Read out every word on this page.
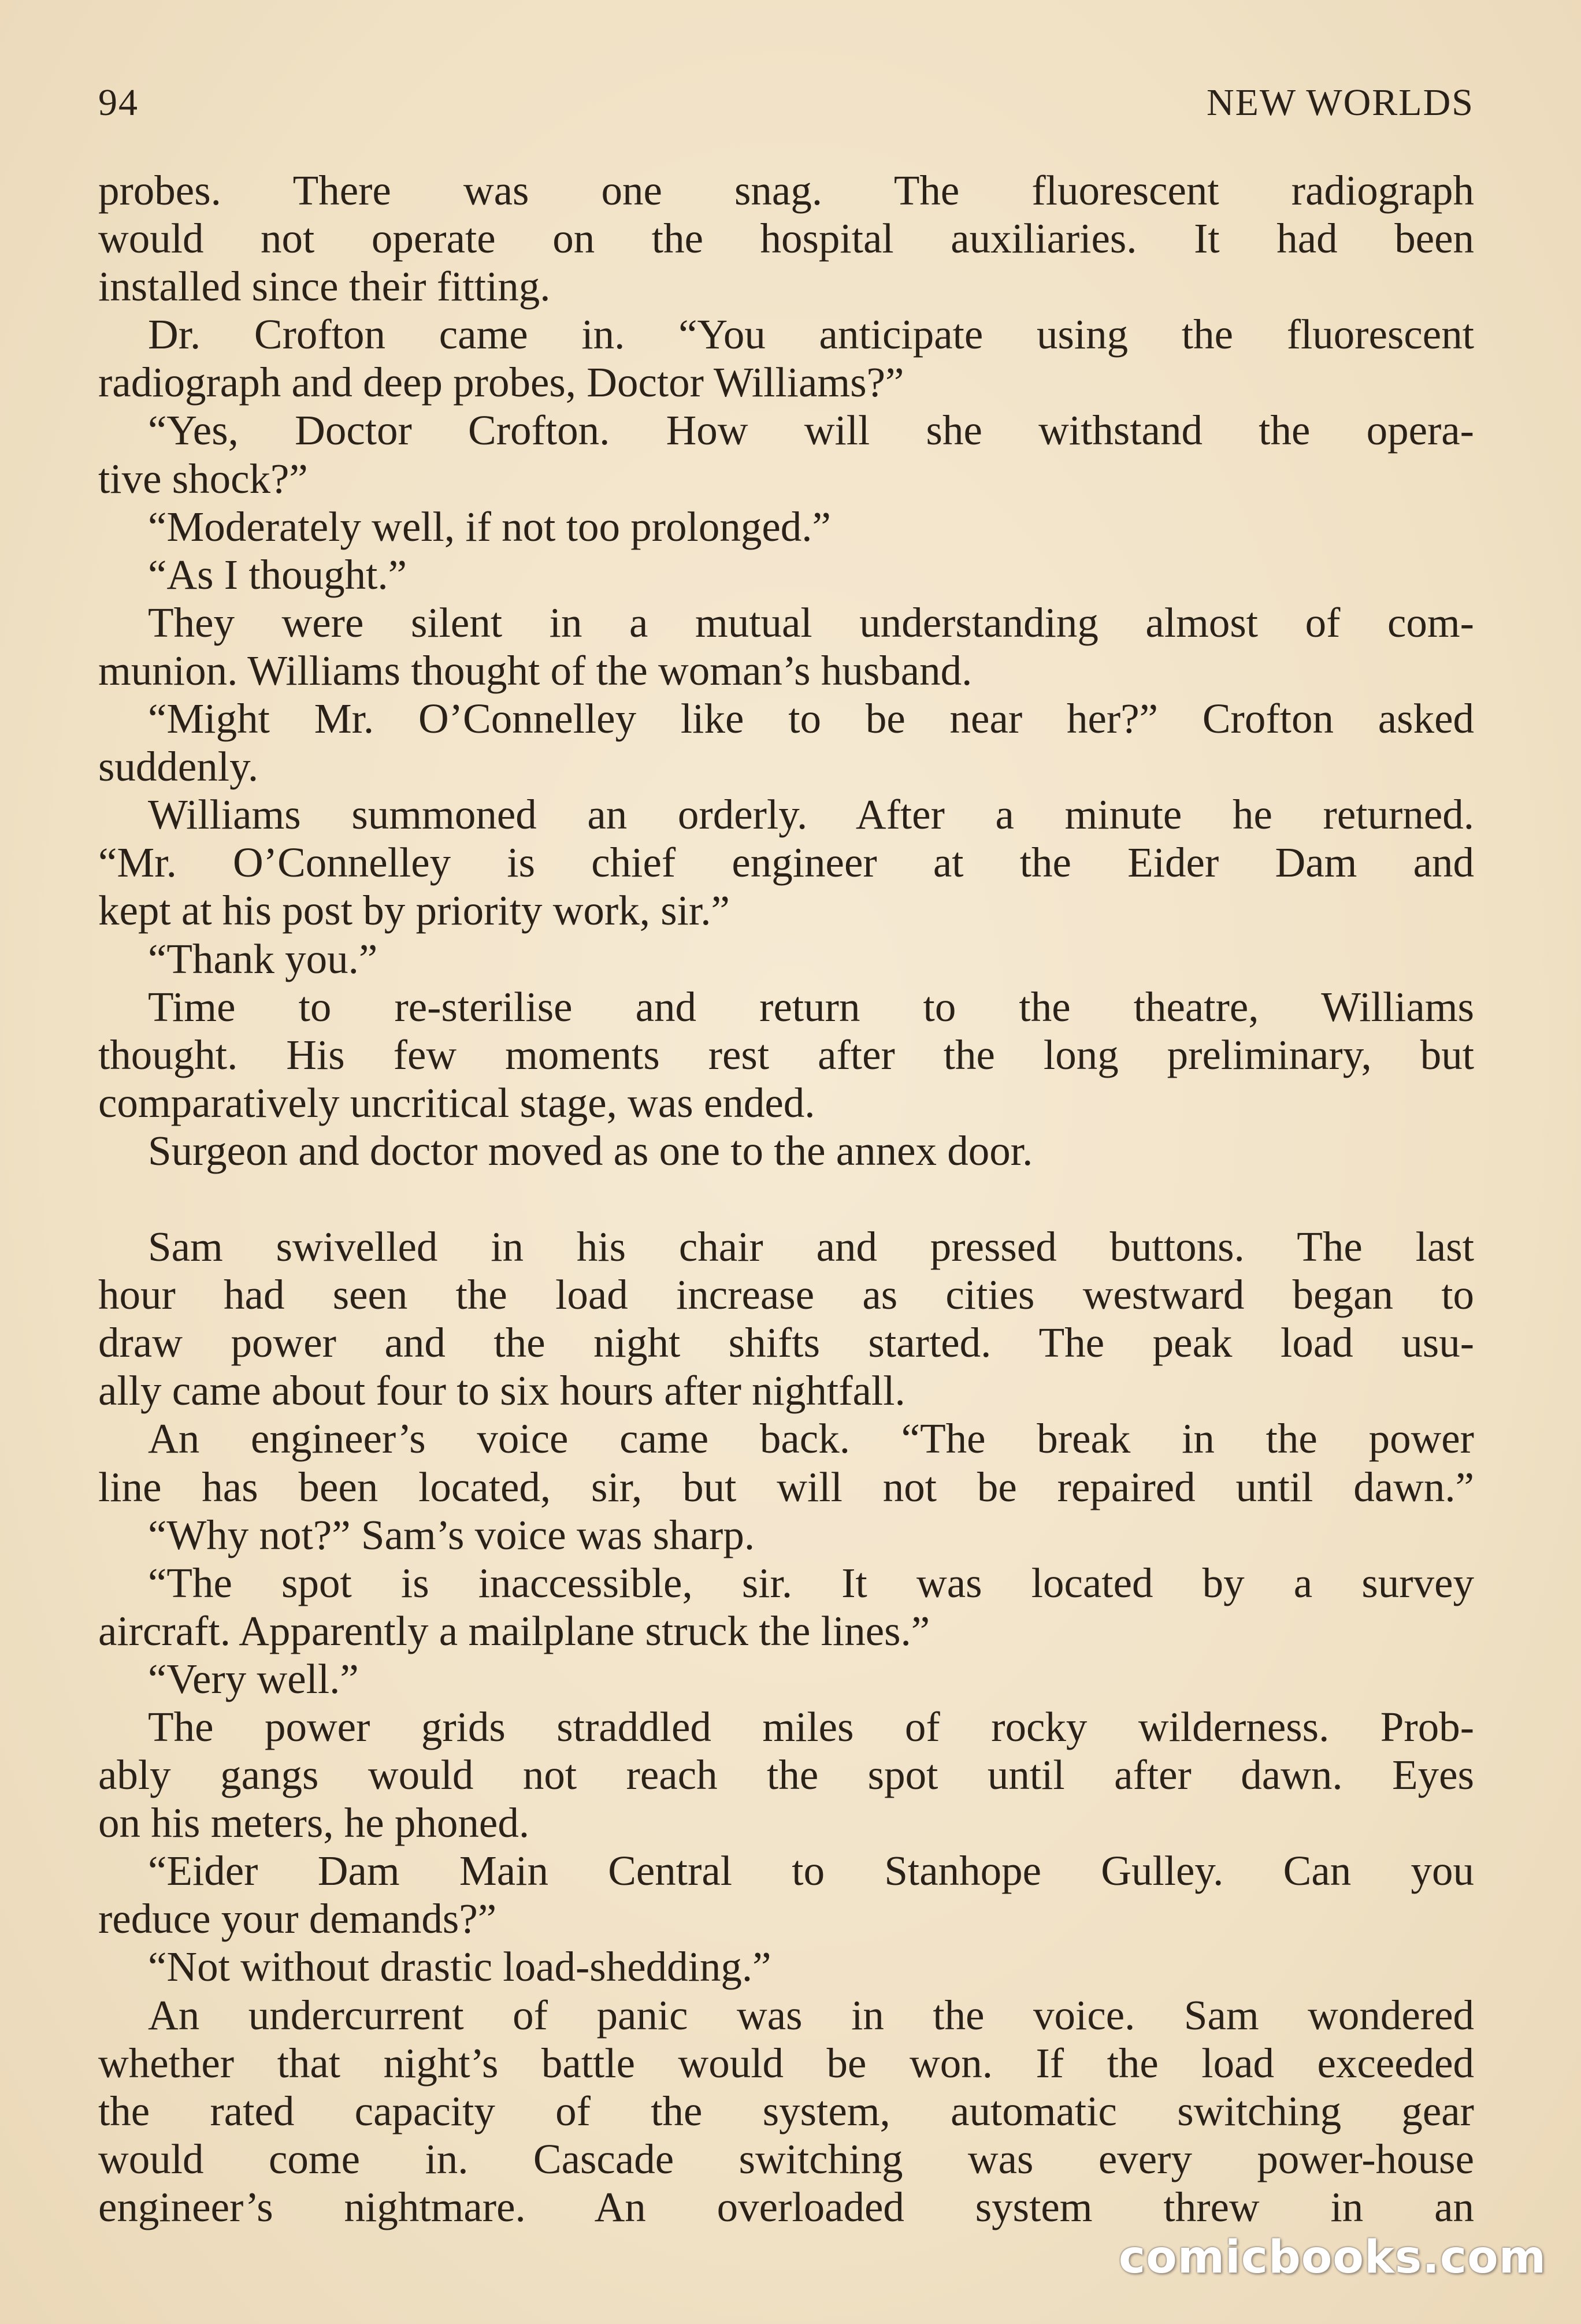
94	NEW WORLDS
probes. There was one snag. The fluorescent radiograph
would not operate on the hospital auxiliaries. It had been
installed since their fitting.
Dr. Crofton came in. “You anticipate using the fluorescent
radiograph and deep probes, Doctor Williams?”
“Yes, Doctor Crofton. How will she withstand the opera-
tive shock?”
“Moderately well, if not too prolonged.”
“As I thought.”
They were silent in a mutual understanding almost of com-
munion. Williams thought of the woman’s husband.
“Might Mr. O’Connelley like to be near her?” Crofton asked
suddenly.
Williams summoned an orderly. After a minute he returned.
“Mr. O’Connelley is chief engineer at the Eider Dam and
kept at his post by priority work, sir.”
“Thank you.”
Time to re-sterilise and return to the theatre, Williams
thought. His few moments rest after the long preliminary, but
comparatively uncritical stage, was ended.
Surgeon and doctor moved as one to the annex door.
Sam swivelled in his chair and pressed buttons. The last
hour had seen the load increase as cities westward began to
draw power and the night shifts started. The peak load usu-
ally came about four to six hours after nightfall.
An engineer’s voice came back. “The break in the power
line has been located, sir, but will not be repaired until dawn.”
“Why not?” Sam’s voice was sharp.
“The spot is inaccessible, sir. It was located by a survey
aircraft. Apparently a mailplane struck the lines.”
“Very well.”
The power grids straddled miles of rocky wilderness. Prob-
ably gangs would not reach the spot until after dawn. Eyes
on his meters, he phoned.
“Eider Dam Main Central to Stanhope Gulley. Can you
reduce your demands?”
“Not without drastic load-shedding.”
An undercurrent of panic was in the voice. Sam wondered
whether that night’s battle would be won. If the load exceeded
the rated capacity of the system, automatic switching gear
would come in. Cascade switching was every power-house
engineer’s nightmare. An overloaded system threw in an
comicbooks.com
